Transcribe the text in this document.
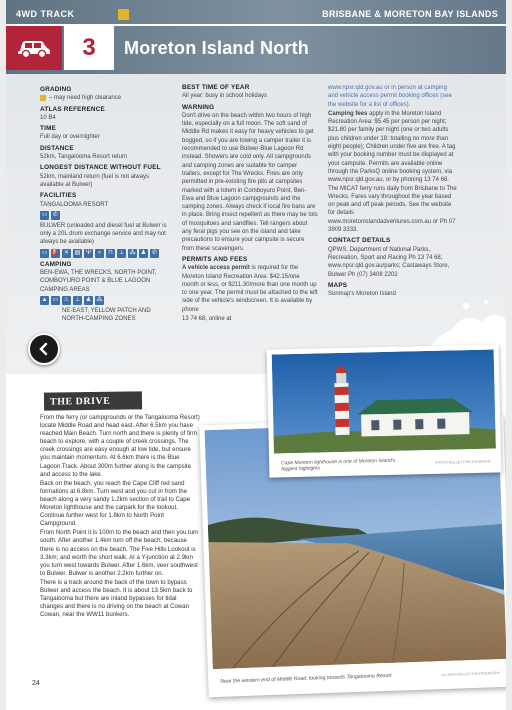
4WD TRACK	BRISBANE & MORETON BAY ISLANDS
3	Moreton Island North
GRADING
– may need high clearance
ATLAS REFERENCE
10 B4
TIME
Full day or overnighter
DISTANCE
52km, Tangalooma Resort return
LONGEST DISTANCE WITHOUT FUEL
52km, mainland return (fuel is not always available at Bulwer)
FACILITIES
TANGALOOMA RESORT
▭ ✆
BULWER (unleaded and diesel fuel at Bulwer is only a 20L drum exchange service and may not always be available)
▭ ⛽ ✕ ▤ Ψ	▿	⊓	⊥ ⁂ ♟ ✆
CAMPING
BEN-EWA, THE WRECKS, NORTH POINT, COMBOYURO POINT & BLUE LAGOON CAMPING AREAS
▲ ▭ ♨ ⊥ ♟ ⁂
NE-EAST, YELLOW PATCH AND NORTH-CAMPING ZONES
BEST TIME OF YEAR
All year: busy in school holidays
WARNING
Don't drive on the beach within two hours of high tide, especially on a full moon. The soft sand of Middle Rd makes it easy for heavy vehicles to get bogged, so if you are towing a camper trailer it is recommended to use Bulwer-Blue Lagoon Rd instead. Showers are cold only. All campgrounds and camping zones are suitable for camper trailers, except for The Wrecks. Fires are only permitted in pre-existing fire pits at campsites marked with a totem in Comboyuro Point, Ben-Ewa and Blue Lagoon campgrounds and the camping zones. Always check if local fire bans are in place. Bring insect repellent as there may be lots of mosquitoes and sandflies. Tell rangers about any feral pigs you see on the island and take precautions to ensure your campsite is secure from these scavengers.
PERMITS AND FEES
A vehicle access permit is required for the Moreton Island Recreation Area: $42.15/one month or less, or $211.30/more than one month up to one year. The permit must be attached to the left side of the vehicle's windscreen. It is available by phone
13 74 68, online at
www.npsr.qld.gov.au or in person at camping and vehicle access permit booking offices (see the website for a list of offices).
Camping fees apply in the Moreton Island Recreation Area: $5.45 per person per night; $21.80 per family per night (one or two adults plus children under 18: totalling no more than eight people); Children under five are free. A tag with your booking number must be displayed at your campsite. Permits are available online through the ParksQ online booking system, via www.npsr.qld.gov.au, or by phoning 13 74 68. The MICAT ferry runs daily from Brisbane to The Wrecks. Fares vary throughout the year based on peak and off peak periods. See the website for details www.moretonislandadventures.com.au or Ph 07 3909 3333.
CONTACT DETAILS
QPWS, Department of National Parks, Recreation, Sport and Racing Ph 13 74 68, www.npsr.qld.gov.au/parks; Castaways Store, Bulwer Ph (07) 3408 2202
MAPS
Sunmap's Moreton Island
THE DRIVE

From the ferry (or campgrounds or the Tangalooma Resort) locate Middle Road and head east. After 6.5km you have reached Main Beach. Turn north and there is plenty of firm beach to explore, with a couple of creek crossings. The creek crossings are easy enough at low tide, but ensure you maintain momentum. At 6.6km there is the Blue Lagoon Track. About 300m further along is the campsite and access to the lake.

Back on the beach, you reach the Cape Cliff red sand formations at 6.8km. Turn west and you cut in from the beach along a very sandy 1.2km section of trail to Cape Moreton lighthouse and the carpark for the lookout. Continue further west for 1.8km to North Point Campground.

From North Point it is 100m to the beach and then you turn south. After another 1.4km turn off the beach, because there is no access on the beach. The Five Hills Lookout is 3.3km; and worth the short walk. At a Y-junction at 2.9km you turn west towards Bulwer. After 1.6km, veer southwest to Bulwer. Bulwer is another 2.2km further on.

There is a track around the back of the town to bypass Bulwer and access the beach. It is about 13.5km back to Tangalooma but there are inland bypasses for tidal changes and there is no driving on the beach at Cowan Cowan, near the WW11 bunkers.

Near the western end of Middle Road, looking towards Tangalooma Resort	ALLISON KELLEY PHOTOGRAPHY
Cape Moreton lighthouse is one of Moreton Island's biggest highlights
PHOTO KELLEY PHOTOGRAPHY
24
